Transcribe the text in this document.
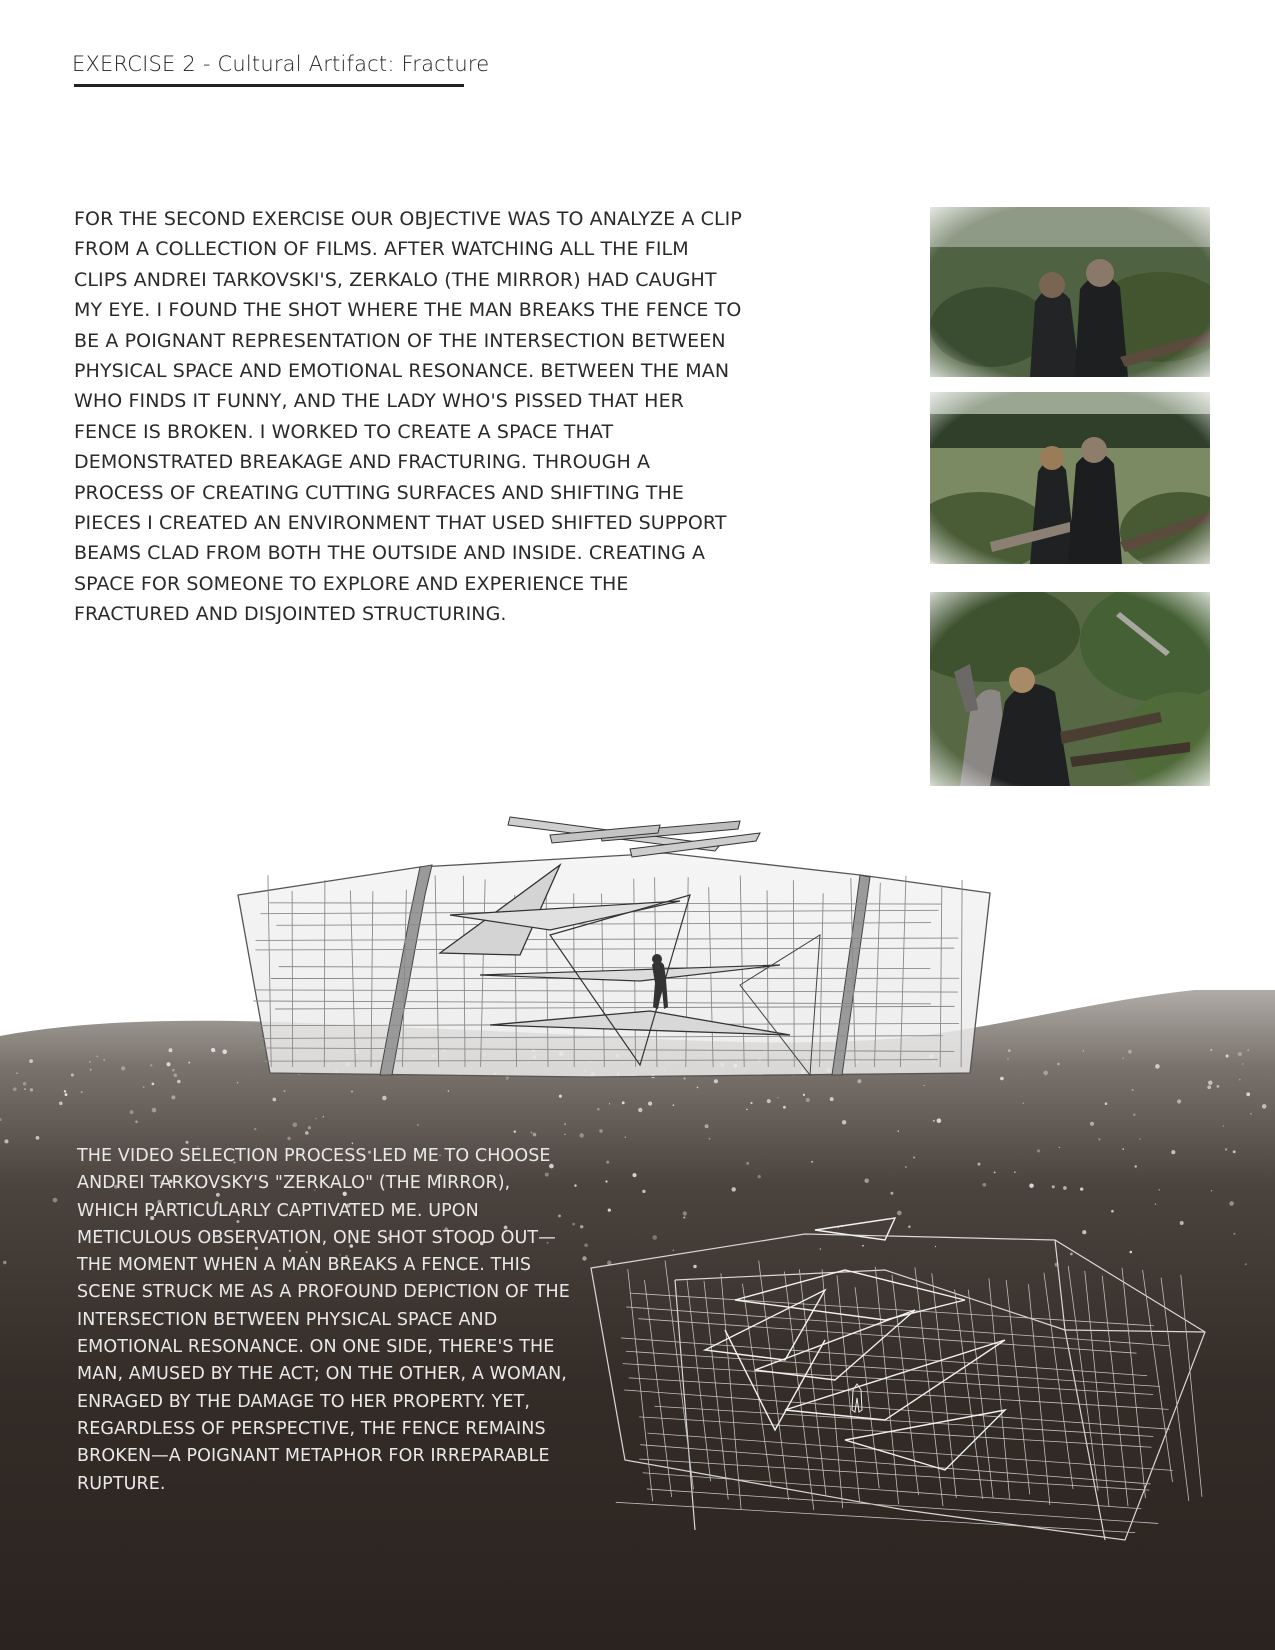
EXERCISE 2 - Cultural Artifact: Fracture

FOR THE SECOND EXERCISE OUR OBJECTIVE WAS TO ANALYZE A CLIP FROM A COLLECTION OF FILMS. AFTER WATCHING ALL THE FILM CLIPS ANDREI TARKOVSKI'S, ZERKALO (THE MIRROR) HAD CAUGHT MY EYE. I FOUND THE SHOT WHERE THE MAN BREAKS THE FENCE TO BE A POIGNANT REPRESENTATION OF THE INTERSECTION BETWEEN PHYSICAL SPACE AND EMOTIONAL RESONANCE. BETWEEN THE MAN WHO FINDS IT FUNNY, AND THE LADY WHO'S PISSED THAT HER FENCE IS BROKEN. I WORKED TO CREATE A SPACE THAT DEMONSTRATED BREAKAGE AND FRACTURING. THROUGH A PROCESS OF CREATING CUTTING SURFACES AND SHIFTING THE PIECES I CREATED AN ENVIRONMENT THAT USED SHIFTED SUPPORT BEAMS CLAD FROM BOTH THE OUTSIDE AND INSIDE. CREATING A SPACE FOR SOMEONE TO EXPLORE AND EXPERIENCE THE FRACTURED AND DISJOINTED STRUCTURING.

THE VIDEO SELECTION PROCESS LED ME TO CHOOSE ANDREI TARKOVSKY'S "ZERKALO" (THE MIRROR), WHICH PARTICULARLY CAPTIVATED ME. UPON METICULOUS OBSERVATION, ONE SHOT STOOD OUT—THE MOMENT WHEN A MAN BREAKS A FENCE. THIS SCENE STRUCK ME AS A PROFOUND DEPICTION OF THE INTERSECTION BETWEEN PHYSICAL SPACE AND EMOTIONAL RESONANCE. ON ONE SIDE, THERE'S THE MAN, AMUSED BY THE ACT; ON THE OTHER, A WOMAN, ENRAGED BY THE DAMAGE TO HER PROPERTY. YET, REGARDLESS OF PERSPECTIVE, THE FENCE REMAINS BROKEN—A POIGNANT METAPHOR FOR IRREPARABLE RUPTURE.
